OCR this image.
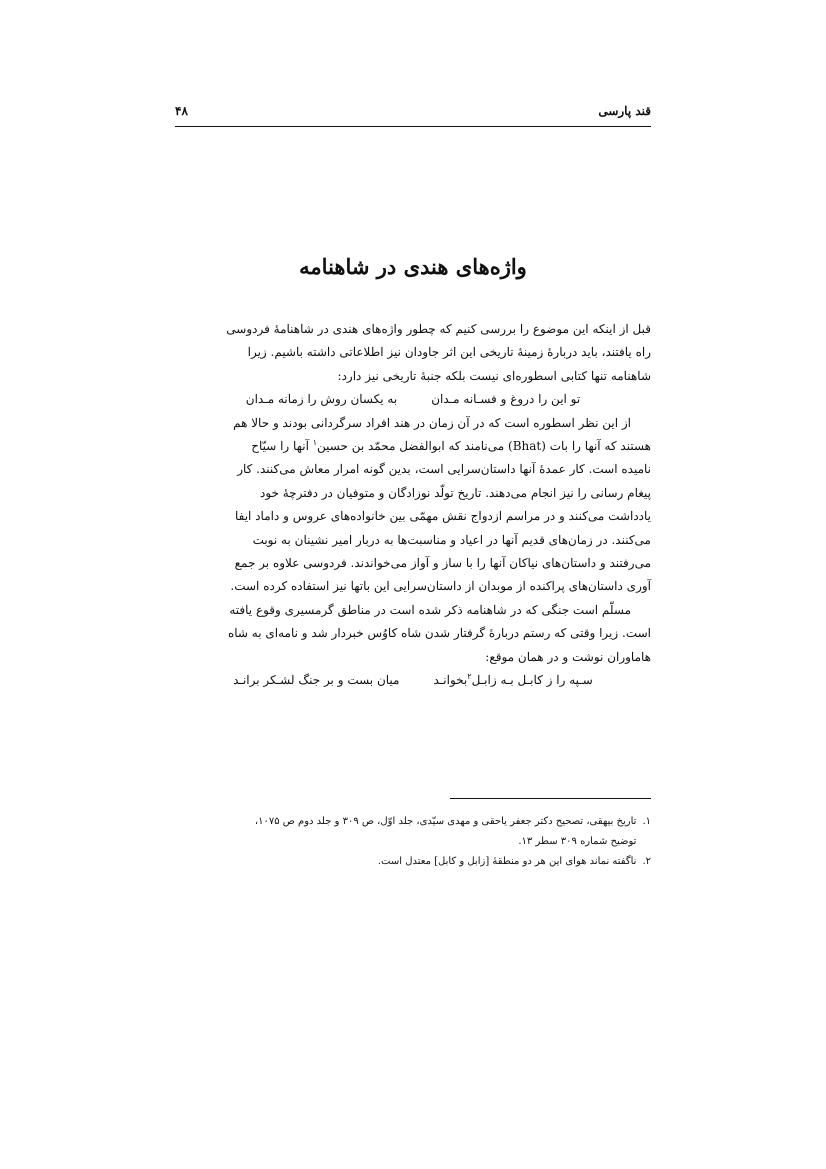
قند پارسی
۴۸
واژه‌های هندی در شاهنامه

قبل از اینکه این موضوع را بررسی کنیم که چطور واژه‌های هندی در شاهنامهٔ فردوسی
راه یافتند، باید دربارهٔ زمینهٔ تاریخی این اثر جاودان نیز اطلاعاتی داشته باشیم. زیرا
شاهنامه تنها کتابی اسطوره‌ای نیست بلکه جنبهٔ تاریخی نیز دارد:

تو این را دروغ و فسـانه مـدان
به یکسان روش را زمانه مـدان

از این نظر اسطوره است که در آن زمان در هند افراد سرگردانی بودند و حالا هم
هستند که آنها را بات (Bhat) می‌نامند که ابوالفضل محمّد بن حسین$^۱$ آنها را سیّاح
نامیده است. کار عمدهٔ آنها داستان‌سرایی است، بدین گونه امرار معاش می‌کنند. کار
پیغام رسانی را نیز انجام می‌دهند. تاریخ تولّد نوزادگان و متوفیان در دفترچهٔ خود
یادداشت می‌کنند و در مراسم ازدواج نقش مهمّی بین خانواده‌های عروس و داماد ایفا
می‌کنند. در زمان‌های قدیم آنها در اعیاد و مناسبت‌ها به دربار امیر نشینان به نوبت
می‌رفتند و داستان‌های نیاکان آنها را با ساز و آواز می‌خواندند. فردوسی علاوه بر جمع
آوری داستان‌های پراکنده از موبدان از داستان‌سرایی این باتها نیز استفاده کرده است.

مسلّم است جنگی که در شاهنامه ذکر شده است در مناطق گرمسیری وقوع یافته
است. زیرا وقتی که رستم دربارهٔ گرفتار شدن شاه کاوُس خبردار شد و نامه‌ای به شاه
هاماوران نوشت و در همان موقع:

سـپه را ز کابـل بـه زابـل$^۲$بخوانـد
میان بست و بر جنگ لشـکر برانـد
۱.
تاریخ بیهقی، تصحیح دکتر جعفر یاحقی و مهدی سیّدی، جلد اوّل، ص ۳۰۹ و جلد دوم ص ۱۰۷۵،
توضیح شماره ۳۰۹ سطر ۱۳.
۲.
ناگفته نماند هوای این هر دو منطقهٔ [زابل و کابل] معتدل است.
